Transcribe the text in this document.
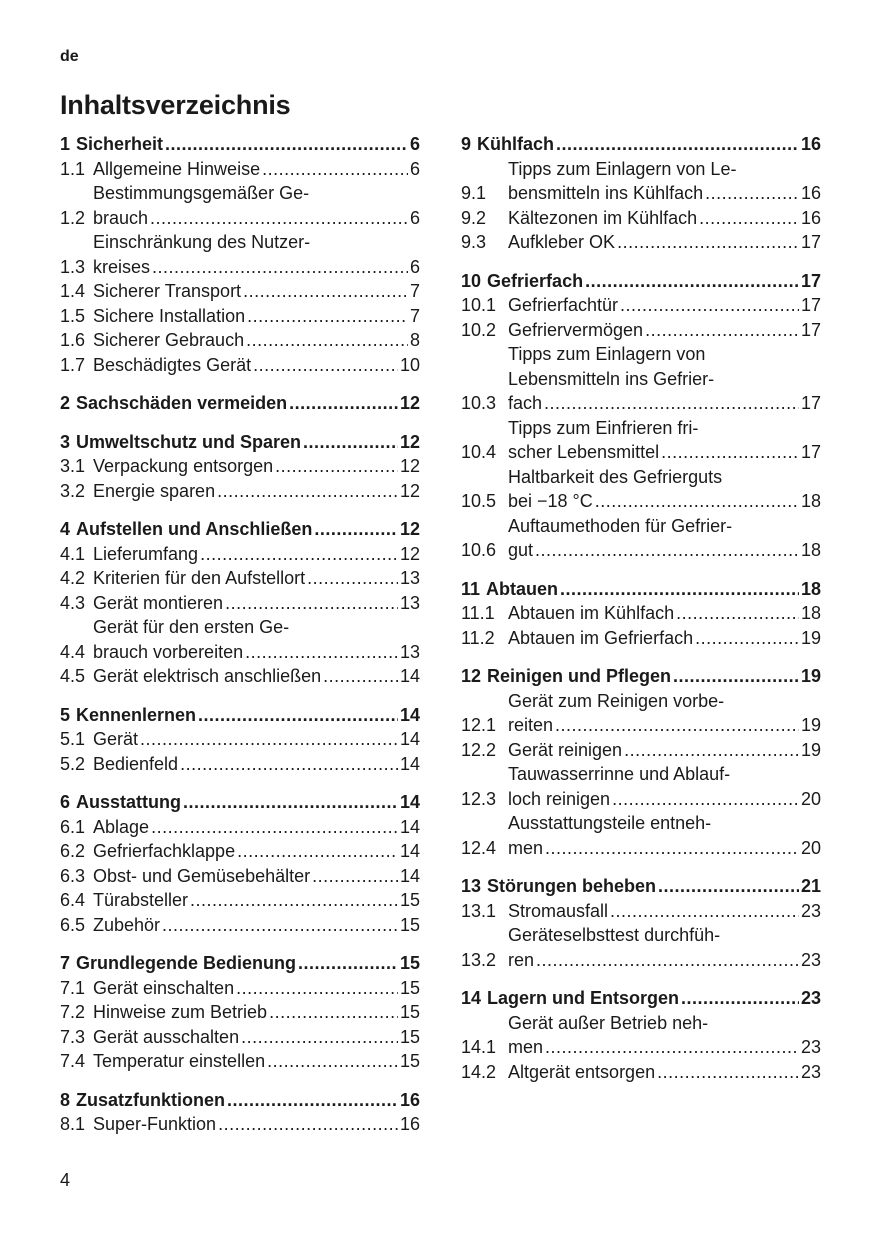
de
Inhaltsverzeichnis
1 Sicherheit .....	6
1.1 Allgemeine Hinweise .....	6
1.2
Bestimmungsgemäßer Ge-
brauch .....	6
1.3
Einschränkung des Nutzer-
kreises .....	6
1.4 Sicherer Transport .....	7
1.5 Sichere Installation .....	7
1.6 Sicherer Gebrauch .....	8
1.7 Beschädigtes Gerät .....	10
2 Sachschäden vermeiden .....	12
3 Umweltschutz und Sparen .....	12
3.1 Verpackung entsorgen .....	12
3.2 Energie sparen .....	12
4 Aufstellen und Anschließen .....	12
4.1 Lieferumfang .....	12
4.2 Kriterien für den Aufstellort .....	13
4.3 Gerät montieren .....	13
4.4
Gerät für den ersten Ge-
brauch vorbereiten .....	13
4.5 Gerät elektrisch anschließen .....	14
5 Kennenlernen .....	14
5.1 Gerät .....	14
5.2 Bedienfeld .....	14
6 Ausstattung .....	14
6.1 Ablage .....	14
6.2 Gefrierfachklappe .....	14
6.3 Obst- und Gemüsebehälter .....	14
6.4 Türabsteller .....	15
6.5 Zubehör .....	15
7 Grundlegende Bedienung .....	15
7.1 Gerät einschalten .....	15
7.2 Hinweise zum Betrieb .....	15
7.3 Gerät ausschalten .....	15
7.4 Temperatur einstellen .....	15
8 Zusatzfunktionen .....	16
8.1 Super-Funktion .....	16
9 Kühlfach .....	16
9.1
Tipps zum Einlagern von Le-
bensmitteln ins Kühlfach .....	16
9.2	Kältezonen im Kühlfach .....	16
9.3	Aufkleber OK .....	17
10 Gefrierfach .....	17
10.1 Gefrierfachtür .....	17
10.2 Gefriervermögen .....	17
10.3
Tipps zum Einlagern von
Lebensmitteln ins Gefrier-
fach .....	17
10.4
Tipps zum Einfrieren fri-
scher Lebensmittel .....	17
10.5
Haltbarkeit des Gefrierguts
bei −18 °C .....	18
10.6
Auftaumethoden für Gefrier-
gut .....	18
11 Abtauen .....	18
11.1 Abtauen im Kühlfach .....	18
11.2 Abtauen im Gefrierfach .....	19
12 Reinigen und Pflegen .....	19
12.1
Gerät zum Reinigen vorbe-
reiten .....	19
12.2 Gerät reinigen .....	19
12.3
Tauwasserrinne und Ablauf-
loch reinigen .....	20
12.4
Ausstattungsteile entneh-
men .....	20
13 Störungen beheben .....	21
13.1 Stromausfall .....	23
13.2
Geräteselbsttest durchfüh-
ren .....	23
14 Lagern und Entsorgen .....	23
14.1
Gerät außer Betrieb neh-
men .....	23
14.2 Altgerät entsorgen .....	23
4
